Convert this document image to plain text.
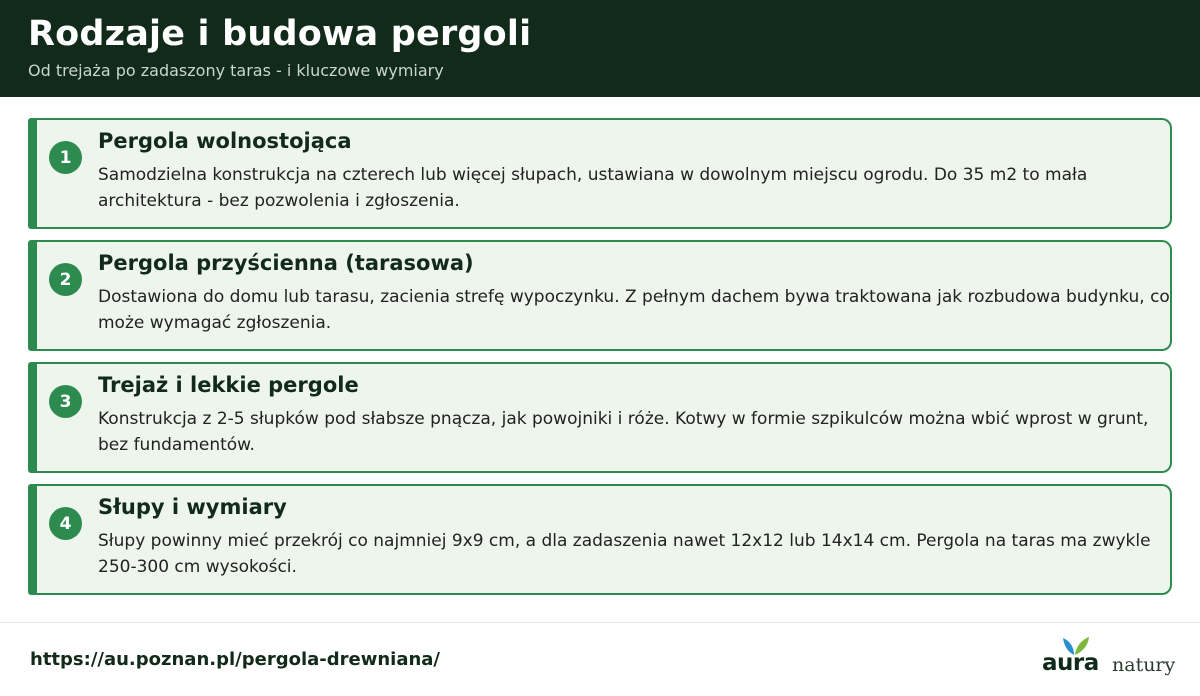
Rodzaje i budowa pergoli
Od trejaża po zadaszony taras - i kluczowe wymiary
1
Pergola wolnostojąca
Samodzielna konstrukcja na czterech lub więcej słupach, ustawiana w dowolnym miejscu ogrodu. Do 35 m2 to mała architektura - bez pozwolenia i zgłoszenia.
2
Pergola przyścienna (tarasowa)
Dostawiona do domu lub tarasu, zacienia strefę wypoczynku. Z pełnym dachem bywa traktowana jak rozbudowa budynku, co może wymagać zgłoszenia.
3
Trejaż i lekkie pergole
Konstrukcja z 2-5 słupków pod słabsze pnącza, jak powojniki i róże. Kotwy w formie szpikulców można wbić wprost w grunt, bez fundamentów.
4
Słupy i wymiary
Słupy powinny mieć przekrój co najmniej 9x9 cm, a dla zadaszenia nawet 12x12 lub 14x14 cm. Pergola na taras ma zwykle 250-300 cm wysokości.
https://au.poznan.pl/pergola-drewniana/	aura natury
